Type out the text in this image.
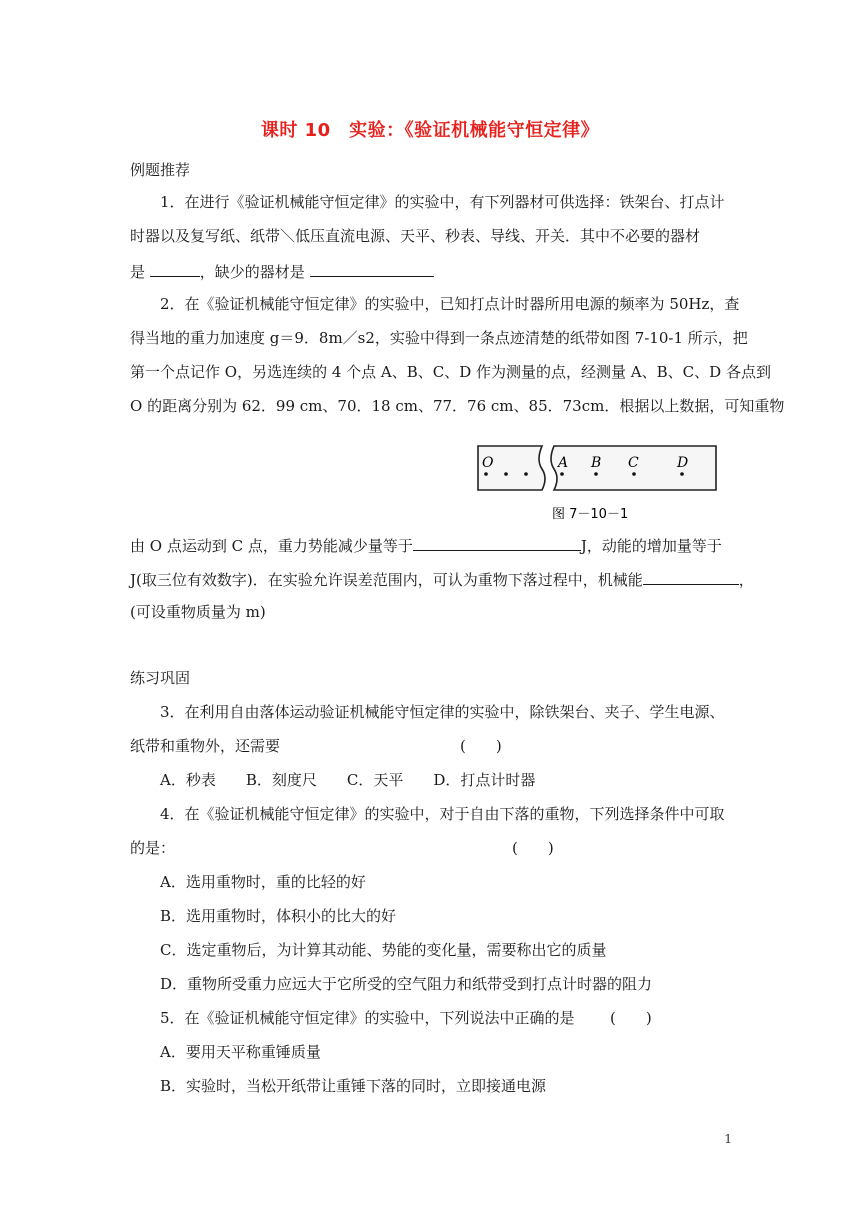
课时 10　实验：《验证机械能守恒定律》
例题推荐
1．在进行《验证机械能守恒定律》的实验中，有下列器材可供选择：铁架台、打点计
时器以及复写纸、纸带＼低压直流电源、天平、秒表、导线、开关．其中不必要的器材
是	，缺少的器材是
2．在《验证机械能守恒定律》的实验中，已知打点计时器所用电源的频率为 50Hz，查
得当地的重力加速度 g＝9．8m／s2，实验中得到一条点迹清楚的纸带如图 7-10-1 所示，把
第一个点记作 O，另选连续的 4 个点 A、B、C、D 作为测量的点，经测量 A、B、C、D 各点到
O 的距离分别为 62．99 cm、70．18 cm、77．76 cm、85．73cm．根据以上数据，可知重物
O	A B C	D
图 7－10－1
由 O 点运动到 C 点，重力势能减少量等于	J，动能的增加量等于
J(取三位有效数字)．在实验允许误差范围内，可认为重物下落过程中，机械能	，
(可设重物质量为 m)
练习巩固
3．在利用自由落体运动验证机械能守恒定律的实验中，除铁架台、夹子、学生电源、
纸带和重物外，还需要	(　　)
A．秒表　　B．刻度尺　　C．天平　　D．打点计时器
4．在《验证机械能守恒定律》的实验中，对于自由下落的重物，下列选择条件中可取
的是：	(　　)
A．选用重物时，重的比轻的好
B．选用重物时，体积小的比大的好
C．选定重物后，为计算其动能、势能的变化量，需要称出它的质量
D．重物所受重力应远大于它所受的空气阻力和纸带受到打点计时器的阻力
5．在《验证机械能守恒定律》的实验中，下列说法中正确的是 (　　)
A．要用天平称重锤质量
B．实验时，当松开纸带让重锤下落的同时，立即接通电源
1
